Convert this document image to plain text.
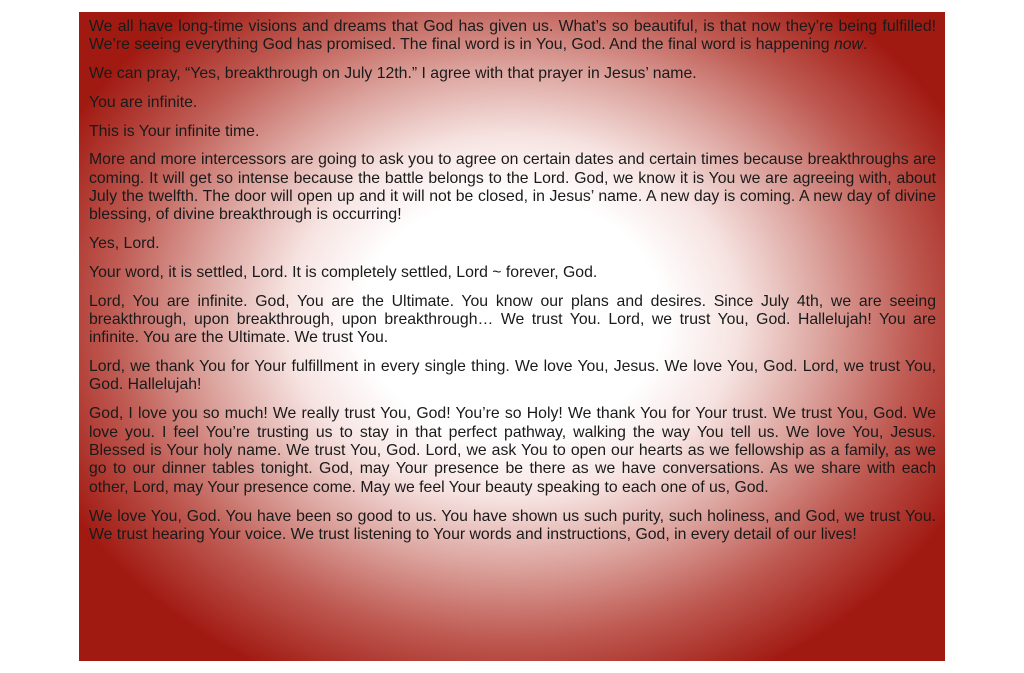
We all have long-time visions and dreams that God has given us. What’s so beautiful, is that now they’re being fulfilled! We’re seeing everything God has promised. The final word is in You, God. And the final word is happening now.

We can pray, “Yes, breakthrough on July 12th.” I agree with that prayer in Jesus’ name.

You are infinite.

This is Your infinite time.

More and more intercessors are going to ask you to agree on certain dates and certain times because breakthroughs are coming. It will get so intense because the battle belongs to the Lord. God, we know it is You we are agreeing with, about July the twelfth. The door will open up and it will not be closed, in Jesus’ name. A new day is coming. A new day of divine blessing, of divine breakthrough is occurring!

Yes, Lord.

Your word, it is settled, Lord. It is completely settled, Lord ~ forever, God.

Lord, You are infinite. God, You are the Ultimate. You know our plans and desires. Since July 4th, we are seeing breakthrough, upon breakthrough, upon breakthrough… We trust You. Lord, we trust You, God. Hallelujah! You are infinite. You are the Ultimate. We trust You.

Lord, we thank You for Your fulfillment in every single thing. We love You, Jesus. We love You, God. Lord, we trust You, God. Hallelujah!

God, I love you so much! We really trust You, God! You’re so Holy! We thank You for Your trust. We trust You, God. We love you. I feel You’re trusting us to stay in that perfect pathway, walking the way You tell us. We love You, Jesus. Blessed is Your holy name. We trust You, God. Lord, we ask You to open our hearts as we fellowship as a family, as we go to our dinner tables tonight. God, may Your presence be there as we have conversations. As we share with each other, Lord, may Your presence come. May we feel Your beauty speaking to each one of us, God.

We love You, God. You have been so good to us. You have shown us such purity, such holiness, and God, we trust You. We trust hearing Your voice. We trust listening to Your words and instructions, God, in every detail of our lives!
